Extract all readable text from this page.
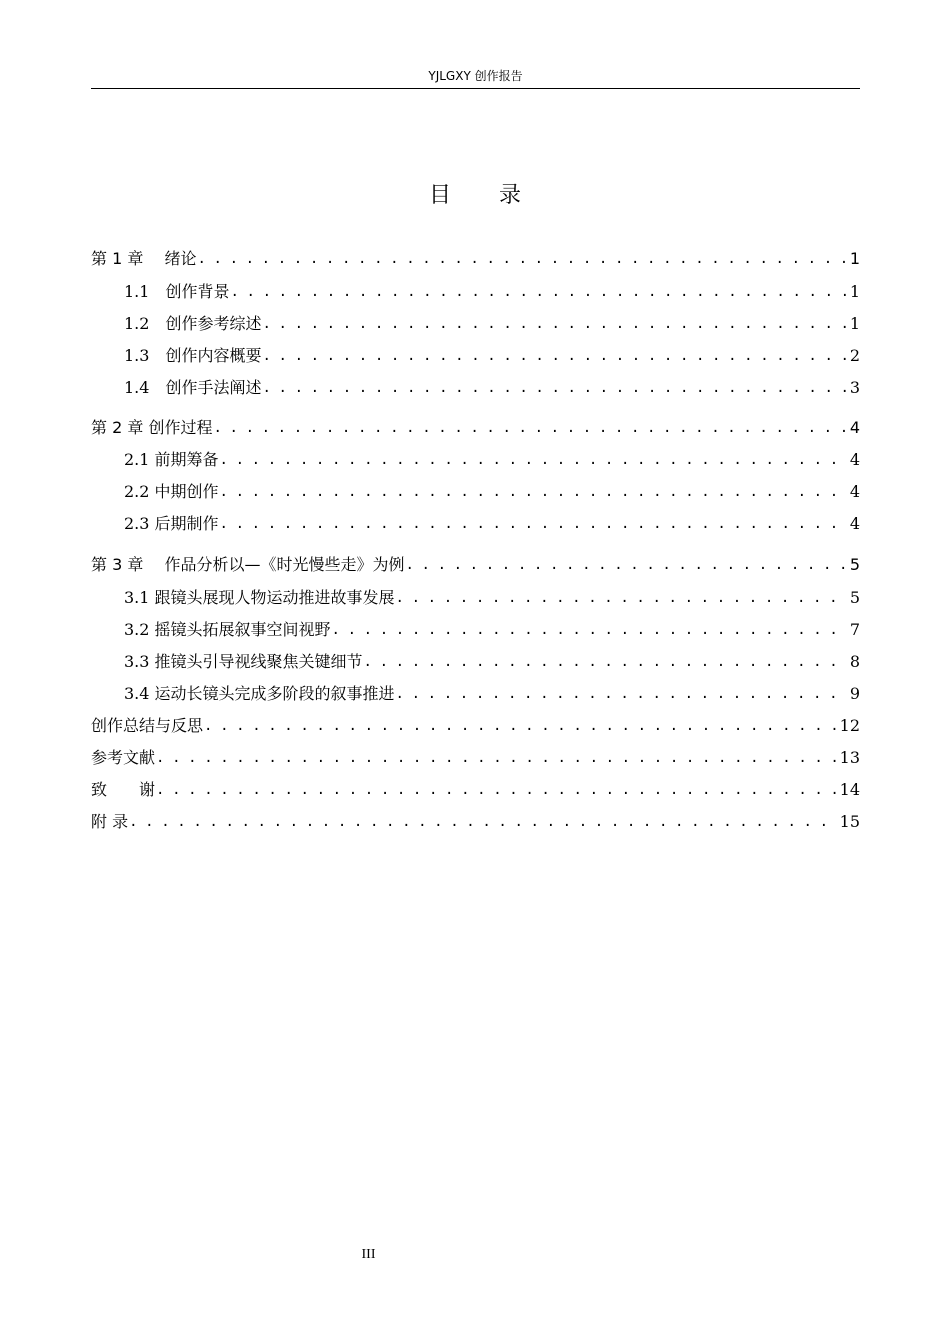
YJLGXY 创作报告
目录
第 1 章　 绪论 . . .	1
1.1　创作背景 . . .	1
1.2　创作参考综述 . . .	1
1.3　创作内容概要 . . .	2
1.4　创作手法阐述 . . .	3
第 2 章 创作过程 . . .	4
2.1 前期筹备 . . .	4
2.2 中期创作 . . .	4
2.3 后期制作 . . .	4
第 3 章　 作品分析以—《时光慢些走》为例 . . .	5
3.1 跟镜头展现人物运动推进故事发展 . . .	5
3.2 摇镜头拓展叙事空间视野 . . .	7
3.3 推镜头引导视线聚焦关键细节 . . .	8
3.4 运动长镜头完成多阶段的叙事推进 . . .	9
创作总结与反思 . . .	12
参考文献 . . .	13
致　　谢 . . .	14
附 录 . . .	15
III
